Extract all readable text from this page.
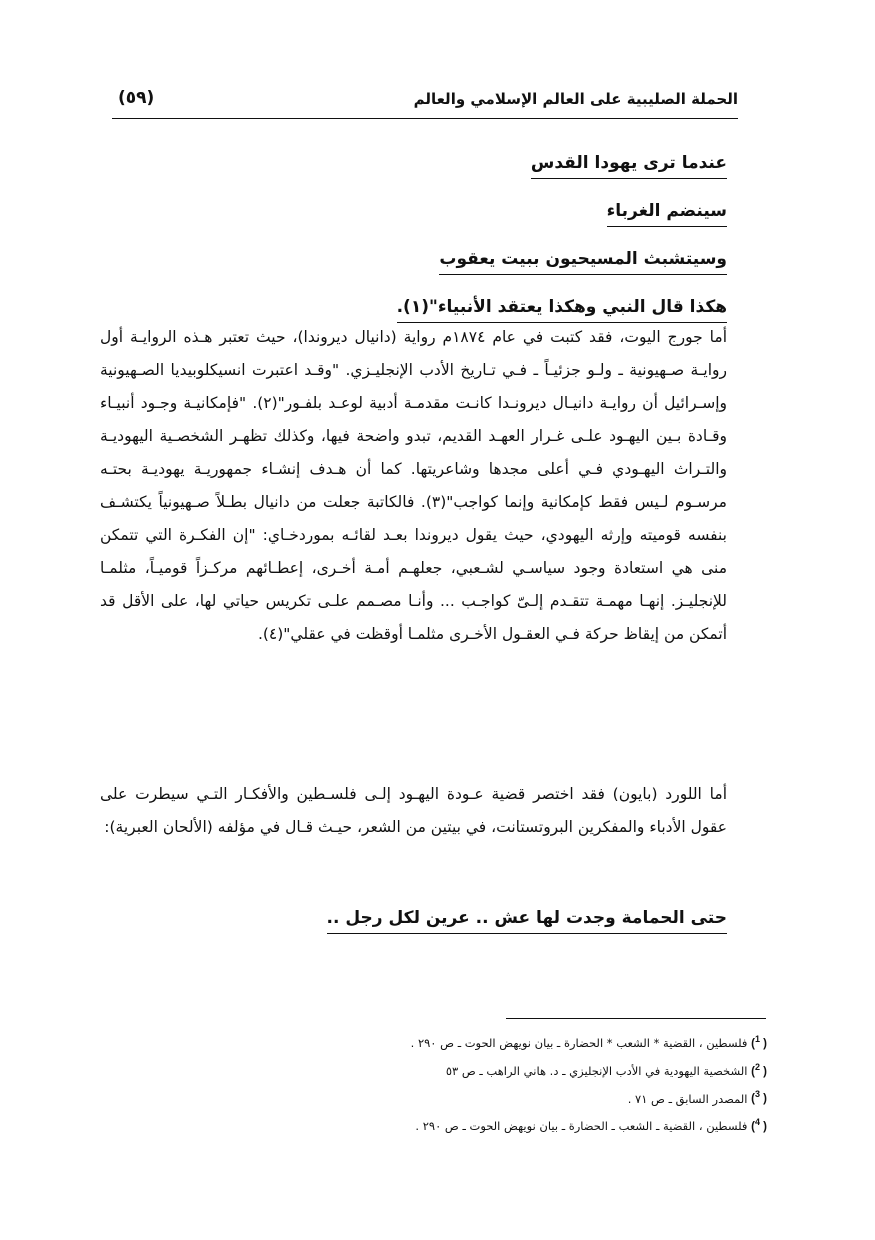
الحملة الصليبية على العالم الإسلامي والعالم
(٥٩)
عندما ترى يهودا القدس
سينضم الغرباء
وسيتشبث المسيحيون ببيت يعقوب
هكذا قال النبي وهكذا يعتقد الأنبياء"(١).

أما جورج اليوت، فقد كتبت في عام ١٨٧٤م رواية (دانيال ديروندا)، حيث تعتبر هـذه الروايـة أول روايـة صـهيونية ـ ولـو جزئيـاً ـ فـي تـاريخ الأدب الإنجليـزي. "وقـد اعتبرت انسيكلوبيديا الصـهيونية وإسـرائيل أن روايـة دانيـال ديرونـدا كانـت مقدمـة أدبية لوعـد بلفـور"(٢). "فإمكانيـة وجـود أنبيـاء وقـادة بـين اليهـود علـى غـرار العهـد القديم، تبدو واضحة فيها، وكذلك تظهـر الشخصـية اليهوديـة والتـراث اليهـودي فـي أعلى مجدها وشاعريتها. كما أن هـدف إنشـاء جمهوريـة يهوديـة بحتـه مرسـوم لـيس فقط كإمكانية وإنما كواجب"(٣). فالكاتبة جعلت من دانيال بطـلاً صـهيونياً يكتشـف بنفسه قوميته وإرثه اليهودي، حيث يقول ديروندا بعـد لقائـه بموردخـاي: "إن الفكـرة التي تتمكن منى هي استعادة وجود سياسـي لشـعبي، جعلهـم أمـة أخـرى، إعطـائهم مركـزاً قوميـاً، مثلمـا للإنجليـز. إنهـا مهمـة تتقـدم إلـىّ كواجـب ... وأنـا مصـمم علـى تكريس حياتي لها، على الأقل قد أتمكن من إيقاظ حركة فـي العقـول الأخـرى مثلمـا أوقظت في عقلي"(٤).

أما اللورد (بايون) فقد اختصر قضية عـودة اليهـود إلـى فلسـطين والأفكـار التـي سيطرت على عقول الأدباء والمفكرين البروتستانت، في بيتين من الشعر، حيـث قـال في مؤلفه (الألحان العبرية):

حتى الحمامة وجدت لها عش .. عرين لكل رجل ..
( $^1$) فلسطين ، القضية * الشعب * الحضارة ـ بيان نويهض الحوت ـ ص ٢٩٠ .
( $^2$) الشخصية اليهودية في الأدب الإنجليزي ـ د. هاني الراهب ـ ص ٥٣
( $^3$) المصدر السابق ـ ص ٧١ .
( $^4$) فلسطين ، القضية ـ الشعب ـ الحضارة ـ بيان نويهض الحوت ـ ص ٢٩٠ .
